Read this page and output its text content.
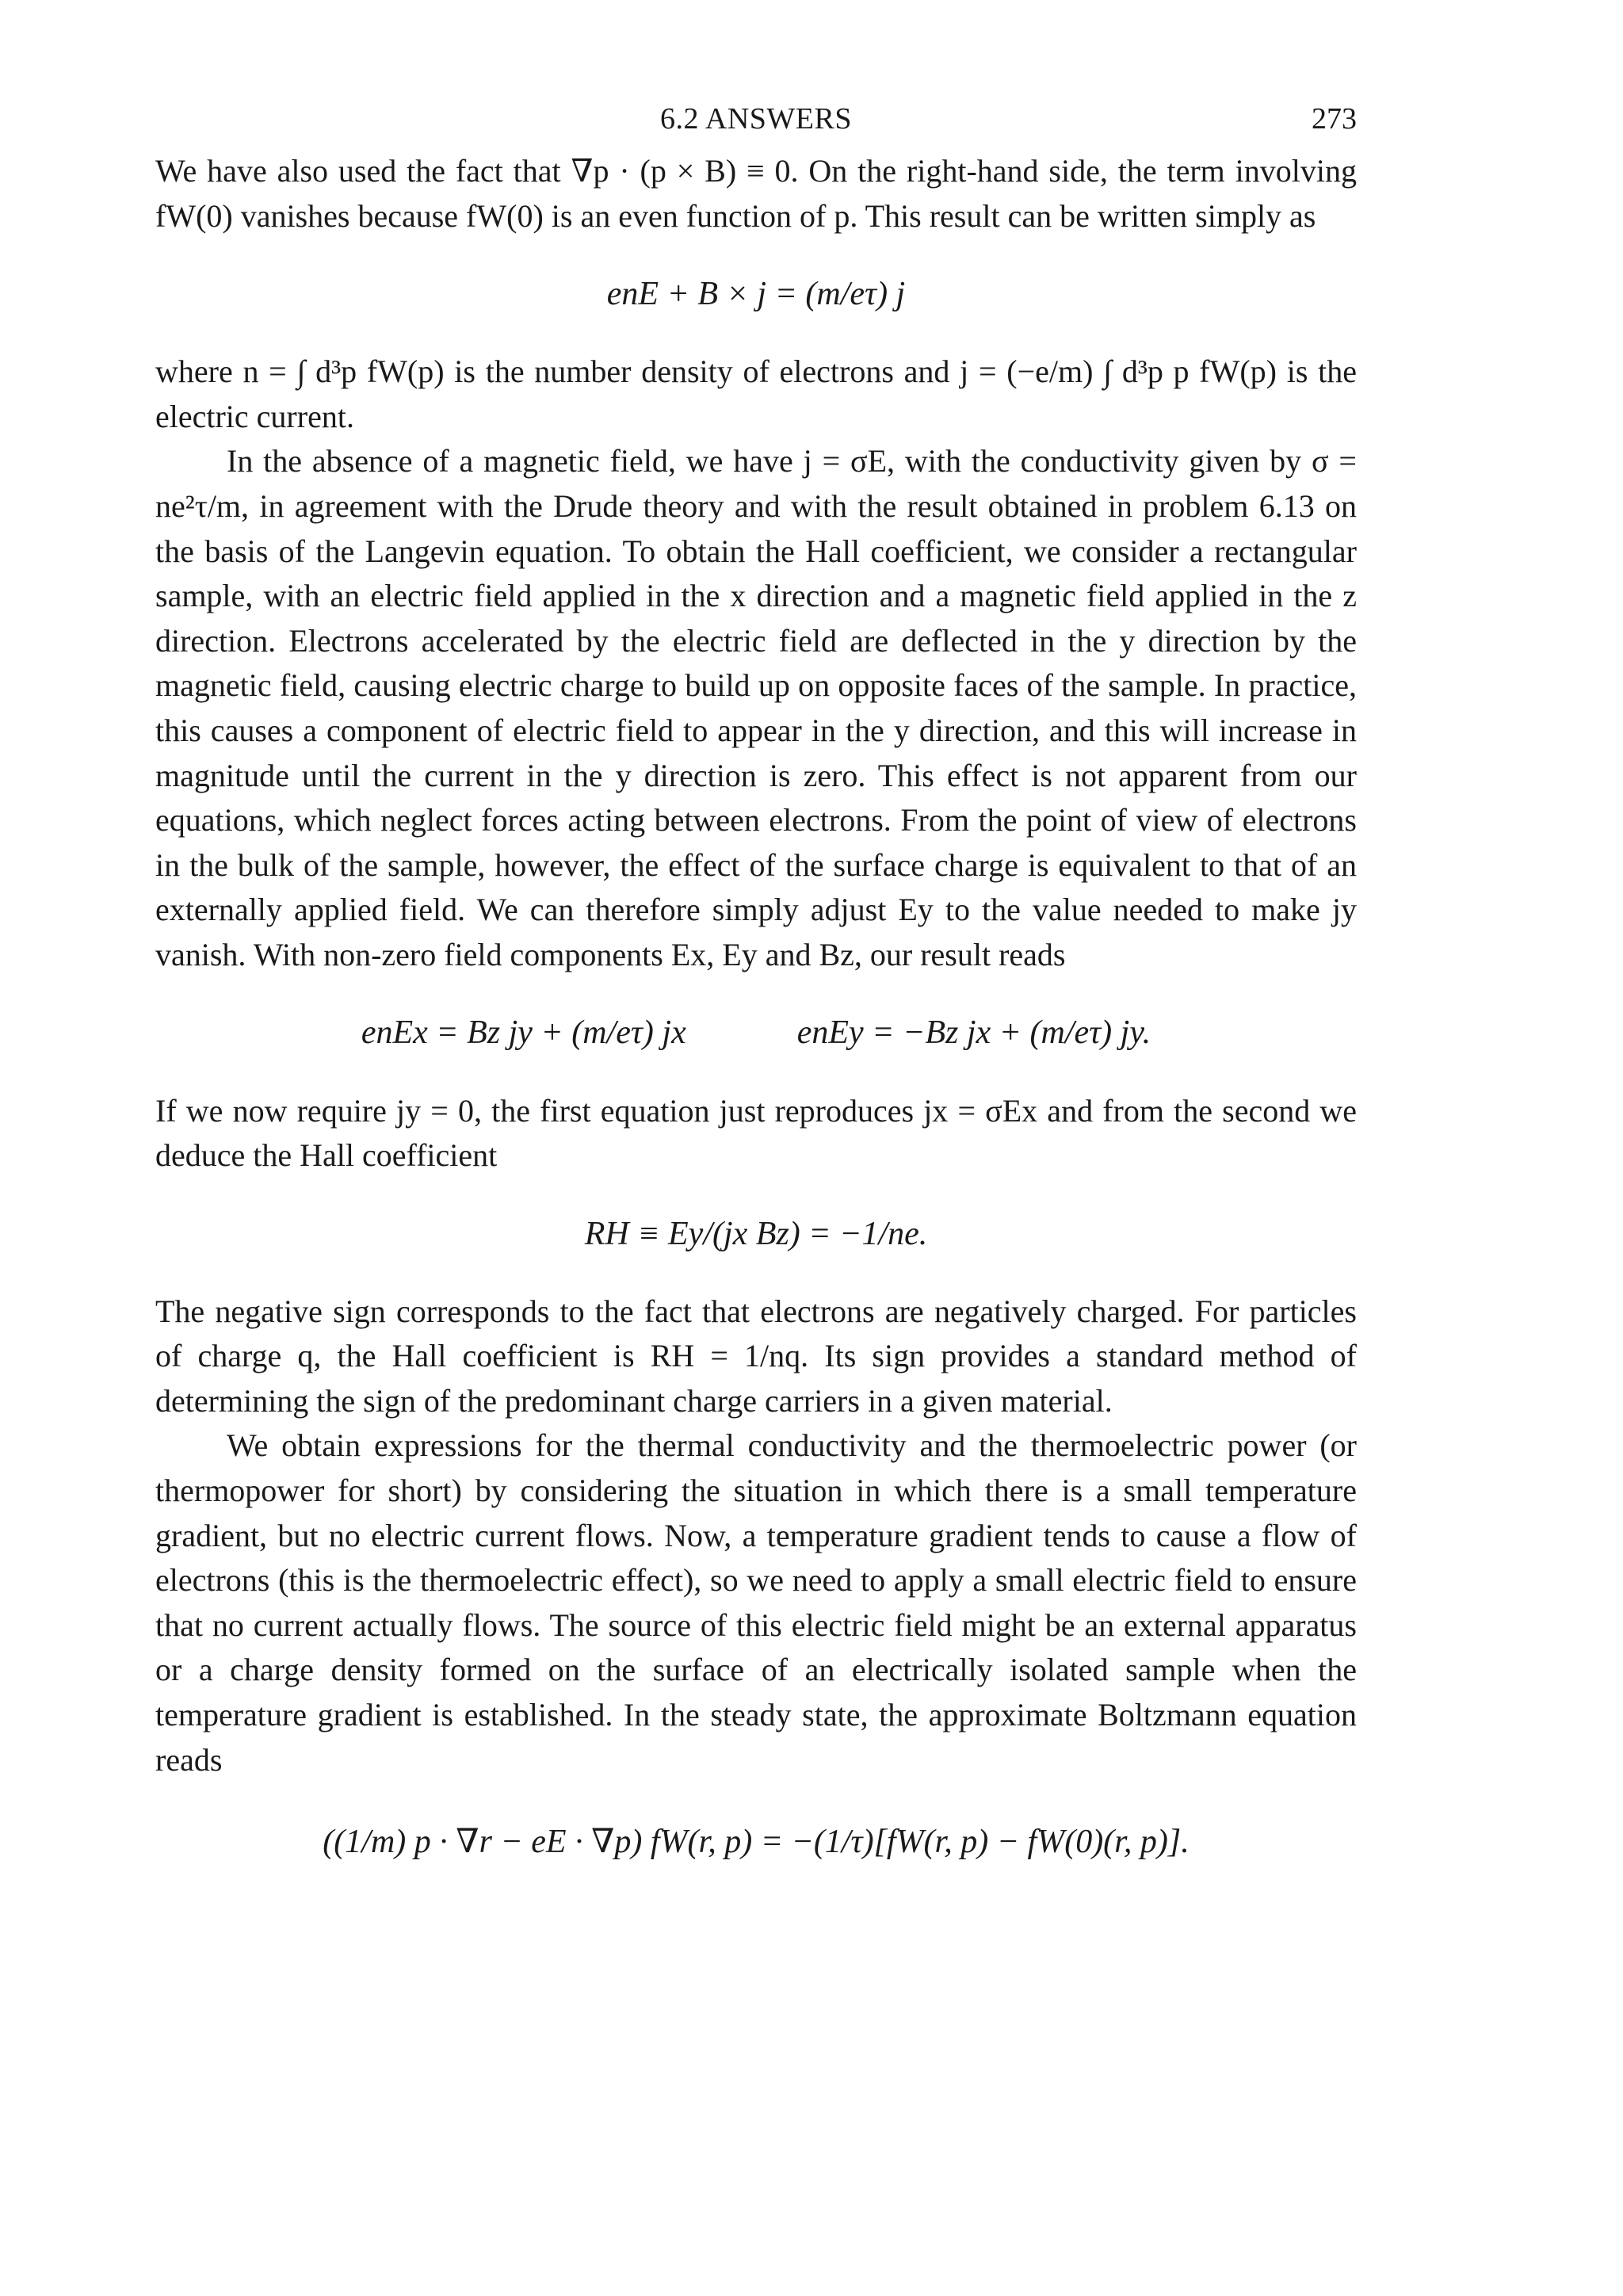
6.2 ANSWERS	273

We have also used the fact that ∇p · (p × B) ≡ 0. On the right-hand side, the term involving fW(0) vanishes because fW(0) is an even function of p. This result can be written simply as

enE + B × j = (m/eτ) j

where n = ∫ d³p fW(p) is the number density of electrons and j = (−e/m) ∫ d³p p fW(p) is the electric current.

In the absence of a magnetic field, we have j = σE, with the conductivity given by σ = ne²τ/m, in agreement with the Drude theory and with the result obtained in problem 6.13 on the basis of the Langevin equation. To obtain the Hall coefficient, we consider a rectangular sample, with an electric field applied in the x direction and a magnetic field applied in the z direction. Electrons accelerated by the electric field are deflected in the y direction by the magnetic field, causing electric charge to build up on opposite faces of the sample. In practice, this causes a component of electric field to appear in the y direction, and this will increase in magnitude until the current in the y direction is zero. This effect is not apparent from our equations, which neglect forces acting between electrons. From the point of view of electrons in the bulk of the sample, however, the effect of the surface charge is equivalent to that of an externally applied field. We can therefore simply adjust Ey to the value needed to make jy vanish. With non-zero field components Ex, Ey and Bz, our result reads

enEx = Bz jy + (m/eτ) jx	enEy = −Bz jx + (m/eτ) jy.

If we now require jy = 0, the first equation just reproduces jx = σEx and from the second we deduce the Hall coefficient

RH ≡ Ey/(jx Bz) = −1/ne.

The negative sign corresponds to the fact that electrons are negatively charged. For particles of charge q, the Hall coefficient is RH = 1/nq. Its sign provides a standard method of determining the sign of the predominant charge carriers in a given material.

We obtain expressions for the thermal conductivity and the thermoelectric power (or thermopower for short) by considering the situation in which there is a small temperature gradient, but no electric current flows. Now, a temperature gradient tends to cause a flow of electrons (this is the thermoelectric effect), so we need to apply a small electric field to ensure that no current actually flows. The source of this electric field might be an external apparatus or a charge density formed on the surface of an electrically isolated sample when the temperature gradient is established. In the steady state, the approximate Boltzmann equation reads

((1/m) p · ∇r − eE · ∇p) fW(r, p) = −(1/τ)[fW(r, p) − fW(0)(r, p)].
